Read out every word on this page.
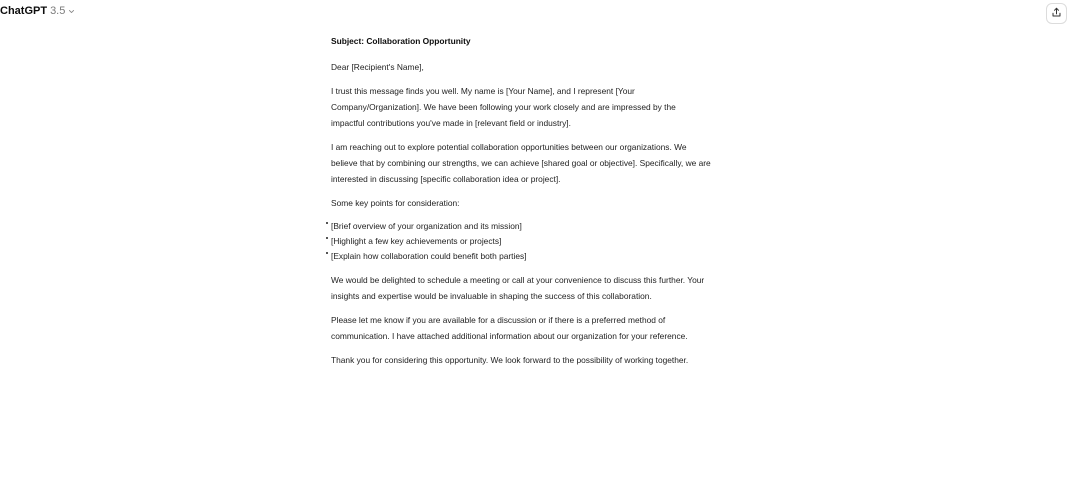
ChatGPT 3.5

Subject: Collaboration Opportunity

Dear [Recipient's Name],

I trust this message finds you well. My name is [Your Name], and I represent [Your Company/Organization]. We have been following your work closely and are impressed by the impactful contributions you've made in [relevant field or industry].

I am reaching out to explore potential collaboration opportunities between our organizations. We believe that by combining our strengths, we can achieve [shared goal or objective]. Specifically, we are interested in discussing [specific collaboration idea or project].

Some key points for consideration:

[Brief overview of your organization and its mission]
[Highlight a few key achievements or projects]
[Explain how collaboration could benefit both parties]

We would be delighted to schedule a meeting or call at your convenience to discuss this further. Your insights and expertise would be invaluable in shaping the success of this collaboration.

Please let me know if you are available for a discussion or if there is a preferred method of communication. I have attached additional information about our organization for your reference.

Thank you for considering this opportunity. We look forward to the possibility of working together.
